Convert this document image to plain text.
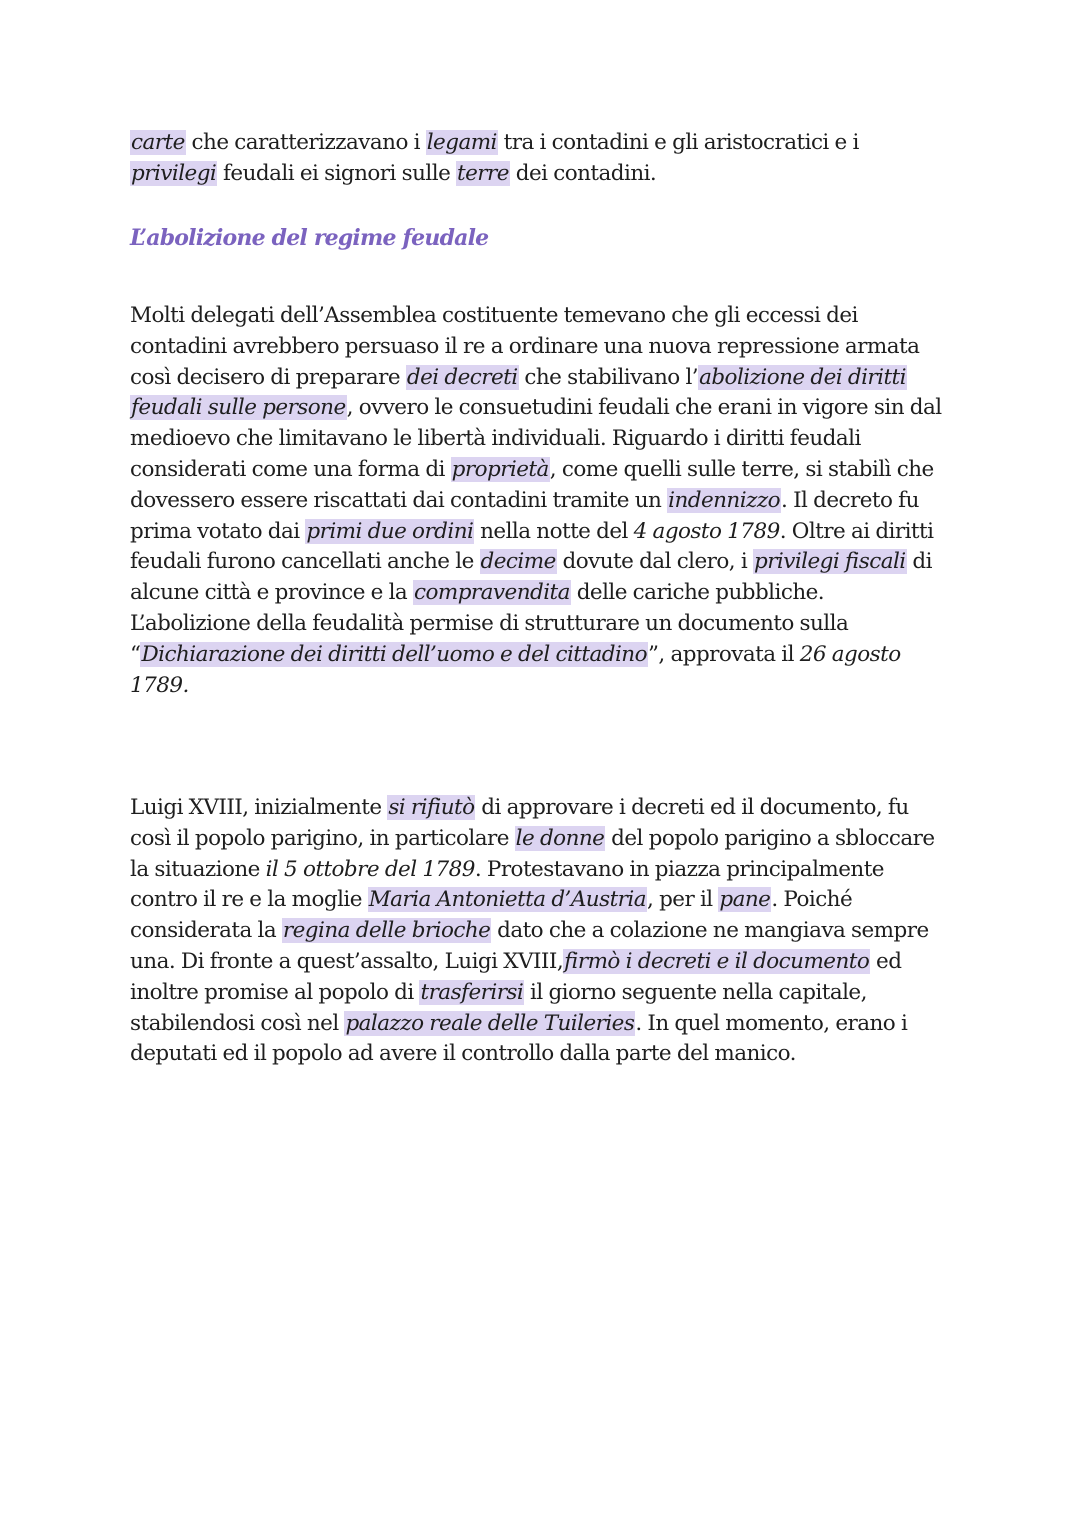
carte che caratterizzavano i legami tra i contadini e gli aristocratici e i
privilegi feudali ei signori sulle terre dei contadini.

L’abolizione del regime feudale

Molti delegati dell’Assemblea costituente temevano che gli eccessi dei
contadini avrebbero persuaso il re a ordinare una nuova repressione armata
così decisero di preparare dei decreti che stabilivano l’abolizione dei diritti
feudali sulle persone, ovvero le consuetudini feudali che erani in vigore sin dal
medioevo che limitavano le libertà individuali. Riguardo i diritti feudali
considerati come una forma di proprietà, come quelli sulle terre, si stabilì che
dovessero essere riscattati dai contadini tramite un indennizzo. Il decreto fu
prima votato dai primi due ordini nella notte del 4 agosto 1789. Oltre ai diritti
feudali furono cancellati anche le decime dovute dal clero, i privilegi fiscali di
alcune città e province e la compravendita delle cariche pubbliche.
L’abolizione della feudalità permise di strutturare un documento sulla
“Dichiarazione dei diritti dell’uomo e del cittadino”, approvata il 26 agosto
1789.

Luigi XVIII, inizialmente si rifiutò di approvare i decreti ed il documento, fu
così il popolo parigino, in particolare le donne del popolo parigino a sbloccare
la situazione il 5 ottobre del 1789. Protestavano in piazza principalmente
contro il re e la moglie Maria Antonietta d’Austria, per il pane. Poiché
considerata la regina delle brioche dato che a colazione ne mangiava sempre
una. Di fronte a quest’assalto, Luigi XVIII,firmò i decreti e il documento ed
inoltre promise al popolo di trasferirsi il giorno seguente nella capitale,
stabilendosi così nel palazzo reale delle Tuileries. In quel momento, erano i
deputati ed il popolo ad avere il controllo dalla parte del manico.
